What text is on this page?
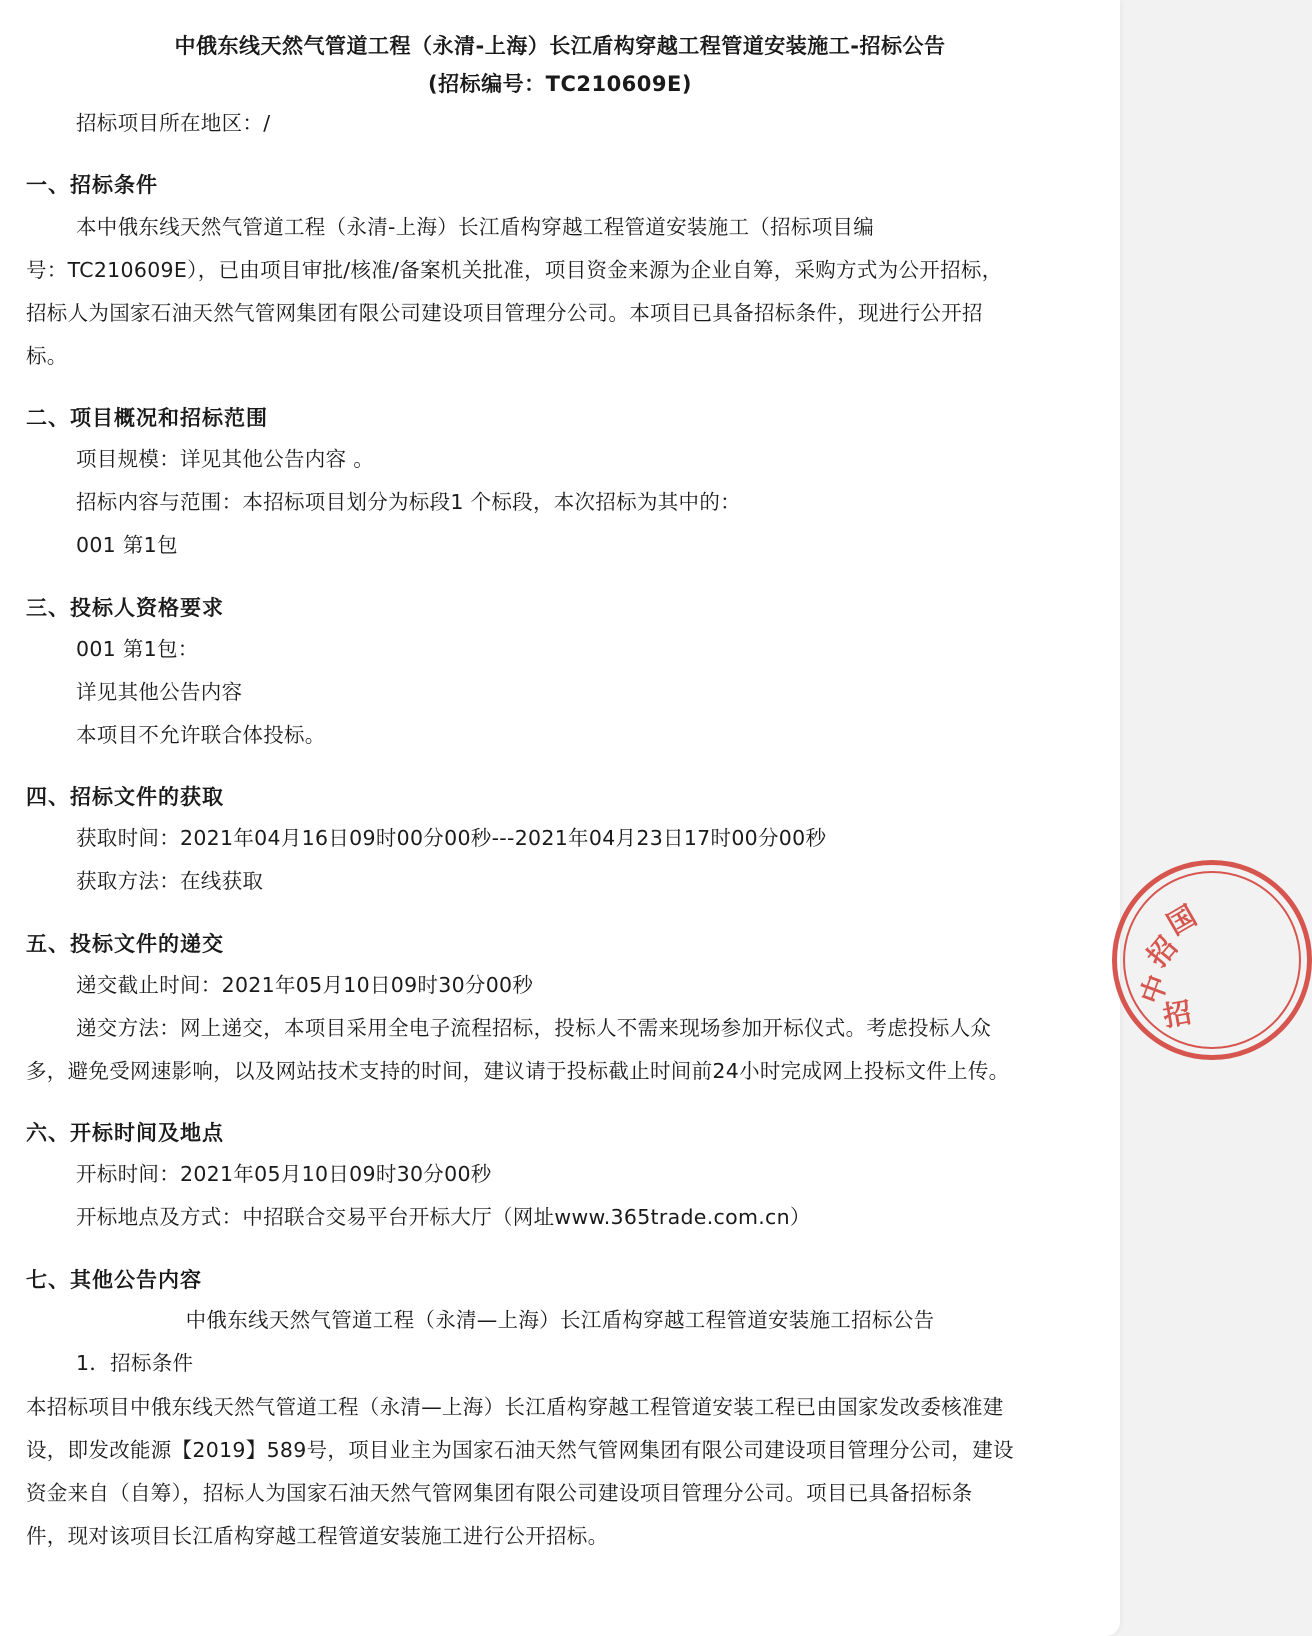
中俄东线天然气管道工程（永清-上海）长江盾构穿越工程管道安装施工-招标公告
(招标编号：TC210609E)
招标项目所在地区：/
一、招标条件
本中俄东线天然气管道工程（永清-上海）长江盾构穿越工程管道安装施工（招标项目编
号：TC210609E），已由项目审批/核准/备案机关批准，项目资金来源为企业自筹，采购方式为公开招标，
招标人为国家石油天然气管网集团有限公司建设项目管理分公司。本项目已具备招标条件，现进行公开招
标。
二、项目概况和招标范围
项目规模：详见其他公告内容 。
招标内容与范围：本招标项目划分为标段1 个标段，本次招标为其中的：
001 第1包
三、投标人资格要求
001 第1包：
详见其他公告内容
本项目不允许联合体投标。
四、招标文件的获取
获取时间：2021年04月16日09时00分00秒---2021年04月23日17时00分00秒
获取方法：在线获取
五、投标文件的递交
递交截止时间：2021年05月10日09时30分00秒
递交方法：网上递交，本项目采用全电子流程招标，投标人不需来现场参加开标仪式。考虑投标人众
多，避免受网速影响，以及网站技术支持的时间，建议请于投标截止时间前24小时完成网上投标文件上传。
六、开标时间及地点
开标时间：2021年05月10日09时30分00秒
开标地点及方式：中招联合交易平台开标大厅（网址www.365trade.com.cn）
七、其他公告内容
中俄东线天然气管道工程（永清—上海）长江盾构穿越工程管道安装施工招标公告
1．招标条件
本招标项目中俄东线天然气管道工程（永清—上海）长江盾构穿越工程管道安装工程已由国家发改委核准建
设，即发改能源【2019】589号，项目业主为国家石油天然气管网集团有限公司建设项目管理分公司，建设
资金来自（自筹），招标人为国家石油天然气管网集团有限公司建设项目管理分公司。项目已具备招标条
件，现对该项目长江盾构穿越工程管道安装施工进行公开招标。
中
招
国
招
